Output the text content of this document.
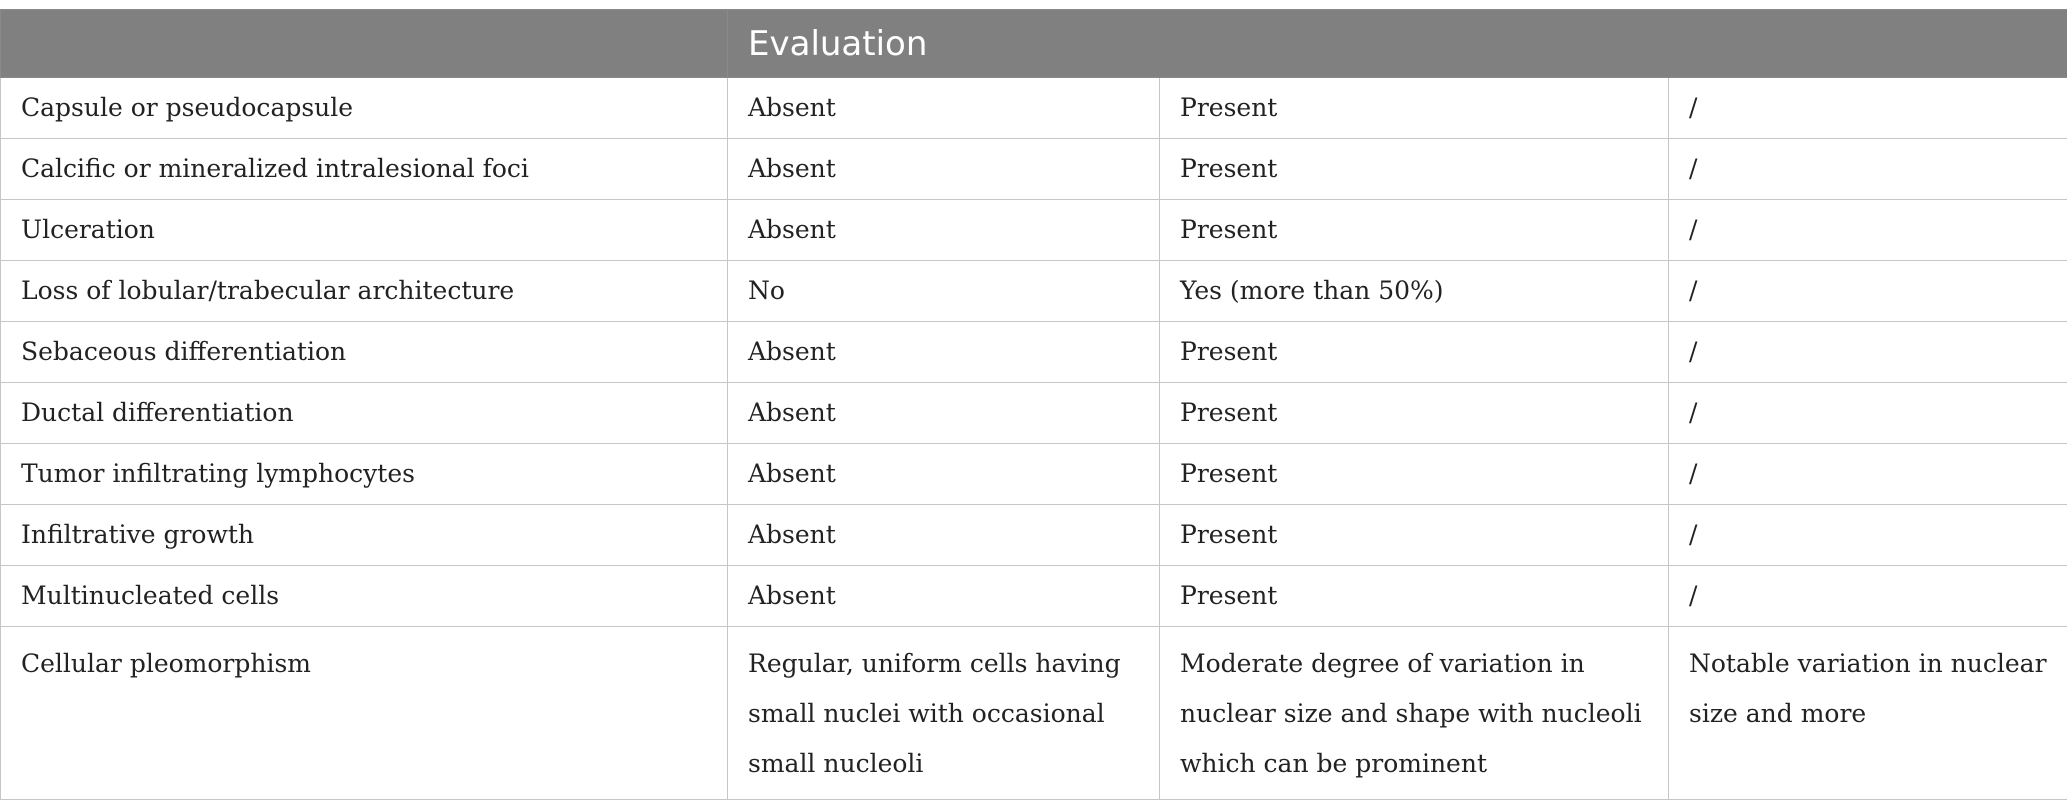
	Evaluation		
Capsule or pseudocapsule	Absent	Present	/
Calcific or mineralized intralesional foci	Absent	Present	/
Ulceration	Absent	Present	/
Loss of lobular/trabecular architecture	No	Yes (more than 50%)	/
Sebaceous differentiation	Absent	Present	/
Ductal differentiation	Absent	Present	/
Tumor infiltrating lymphocytes	Absent	Present	/
Infiltrative growth	Absent	Present	/
Multinucleated cells	Absent	Present	/
Cellular pleomorphism	Regular, uniform cells having small nuclei with occasional small nucleoli	Moderate degree of variation in nuclear size and shape with nucleoli which can be prominent	Notable variation in nuclear size and more
